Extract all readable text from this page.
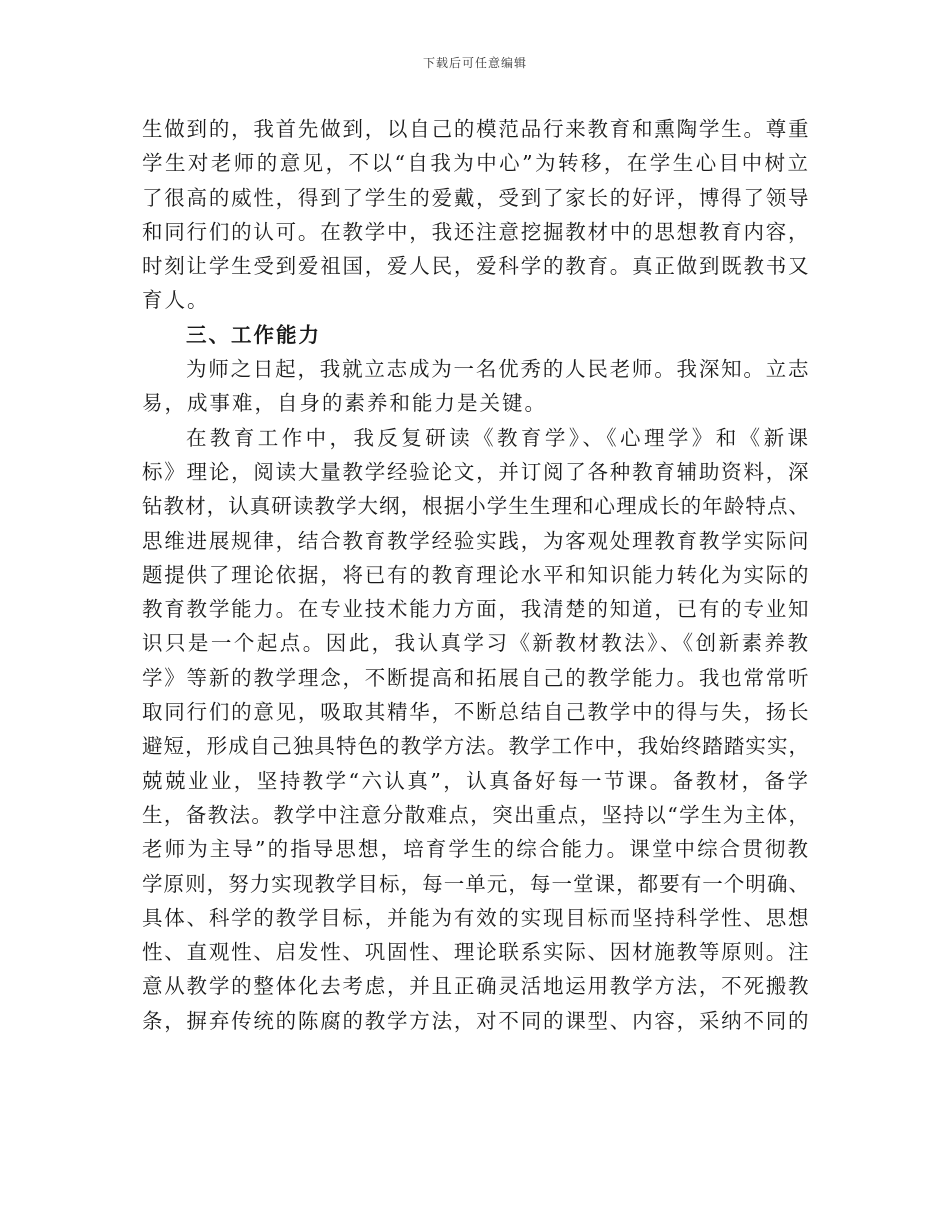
下载后可任意编辑
生做到的，我首先做到，以自己的模范品行来教育和熏陶学生。尊重
学生对老师的意见，不以“自我为中心”为转移，在学生心目中树立
了很高的威性，得到了学生的爱戴，受到了家长的好评，博得了领导
和同行们的认可。在教学中，我还注意挖掘教材中的思想教育内容，
时刻让学生受到爱祖国，爱人民，爱科学的教育。真正做到既教书又
育人。
三、工作能力
为师之日起，我就立志成为一名优秀的人民老师。我深知。立志
易，成事难，自身的素养和能力是关键。
在教育工作中，我反复研读《教育学》、《心理学》和《新课
标》理论，阅读大量教学经验论文，并订阅了各种教育辅助资料，深
钻教材，认真研读教学大纲，根据小学生生理和心理成长的年龄特点、
思维进展规律，结合教育教学经验实践，为客观处理教育教学实际问
题提供了理论依据，将已有的教育理论水平和知识能力转化为实际的
教育教学能力。在专业技术能力方面，我清楚的知道，已有的专业知
识只是一个起点。因此，我认真学习《新教材教法》、《创新素养教
学》等新的教学理念，不断提高和拓展自己的教学能力。我也常常听
取同行们的意见，吸取其精华，不断总结自己教学中的得与失，扬长
避短，形成自己独具特色的教学方法。教学工作中，我始终踏踏实实，
兢兢业业，坚持教学“六认真”，认真备好每一节课。备教材，备学
生，备教法。教学中注意分散难点，突出重点，坚持以“学生为主体，
老师为主导”的指导思想，培育学生的综合能力。课堂中综合贯彻教
学原则，努力实现教学目标，每一单元，每一堂课，都要有一个明确、
具体、科学的教学目标，并能为有效的实现目标而坚持科学性、思想
性、直观性、启发性、巩固性、理论联系实际、因材施教等原则。注
意从教学的整体化去考虑，并且正确灵活地运用教学方法，不死搬教
条，摒弃传统的陈腐的教学方法，对不同的课型、内容，采纳不同的
